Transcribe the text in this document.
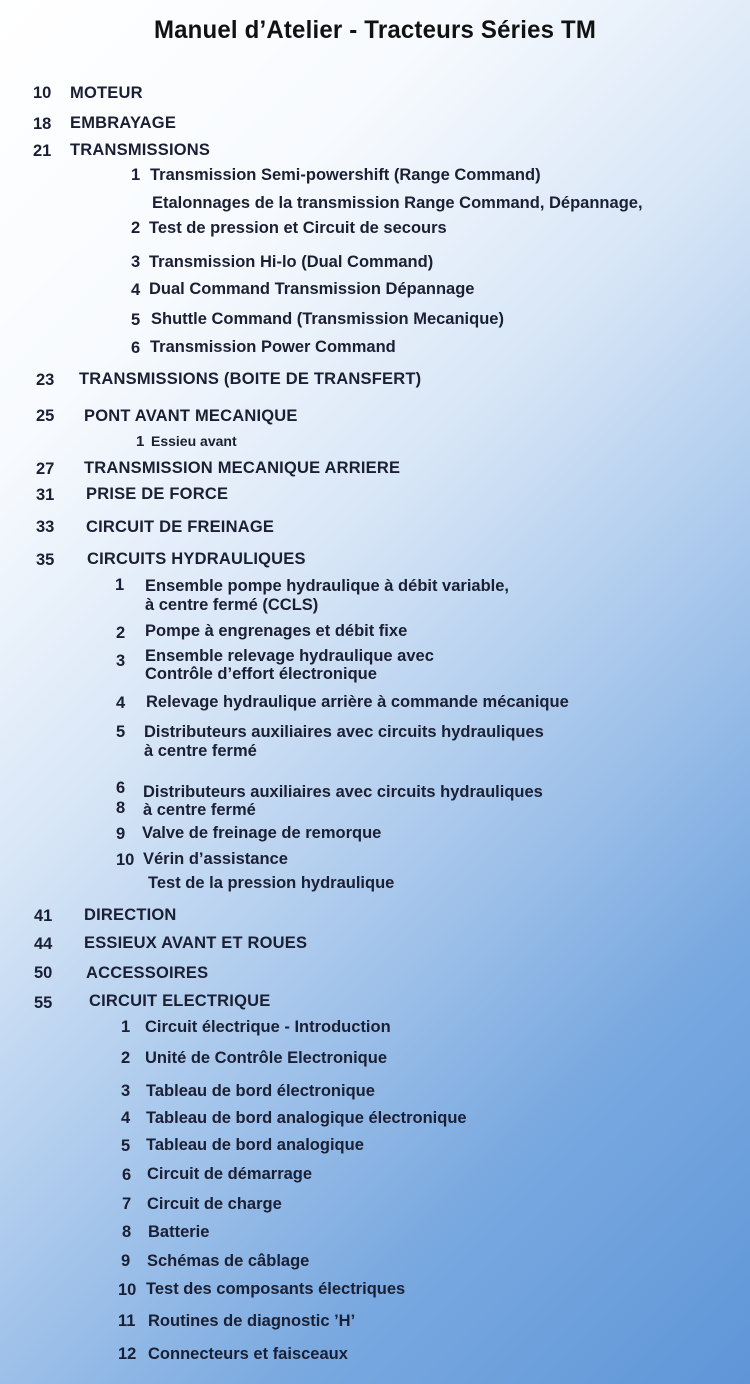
Manuel d’Atelier - Tracteurs Séries TM
10 MOTEUR
18 EMBRAYAGE
21 TRANSMISSIONS
1 Transmission Semi-powershift (Range Command)
Etalonnages de la transmission Range Command, Dépannage,
2 Test de pression et Circuit de secours
3 Transmission Hi-lo (Dual Command)
4 Dual Command Transmission Dépannage
5 Shuttle Command (Transmission Mecanique)
6 Transmission Power Command
23 TRANSMISSIONS (BOITE DE TRANSFERT)
25 PONT AVANT MECANIQUE
1 Essieu avant
27 TRANSMISSION MECANIQUE ARRIERE
31 PRISE DE FORCE
33 CIRCUIT DE FREINAGE
35 CIRCUITS HYDRAULIQUES
1 Ensemble pompe hydraulique à débit variable,
à centre fermé (CCLS)
2 Pompe à engrenages et débit fixe
3 Ensemble relevage hydraulique avec
Contrôle d’effort électronique
4 Relevage hydraulique arrière à commande mécanique
5 Distributeurs auxiliaires avec circuits hydrauliques
à centre fermé
6
8
Distributeurs auxiliaires avec circuits hydrauliques
à centre fermé
9 Valve de freinage de remorque
10 Vérin d’assistance
Test de la pression hydraulique
41 DIRECTION
44 ESSIEUX AVANT ET ROUES
50 ACCESSOIRES
55 CIRCUIT ELECTRIQUE
1 Circuit électrique - Introduction
2 Unité de Contrôle Electronique
3 Tableau de bord électronique
4 Tableau de bord analogique électronique
5 Tableau de bord analogique
6 Circuit de démarrage
7 Circuit de charge
8 Batterie
9 Schémas de câblage
10 Test des composants électriques
11 Routines de diagnostic ’H’
12 Connecteurs et faisceaux
